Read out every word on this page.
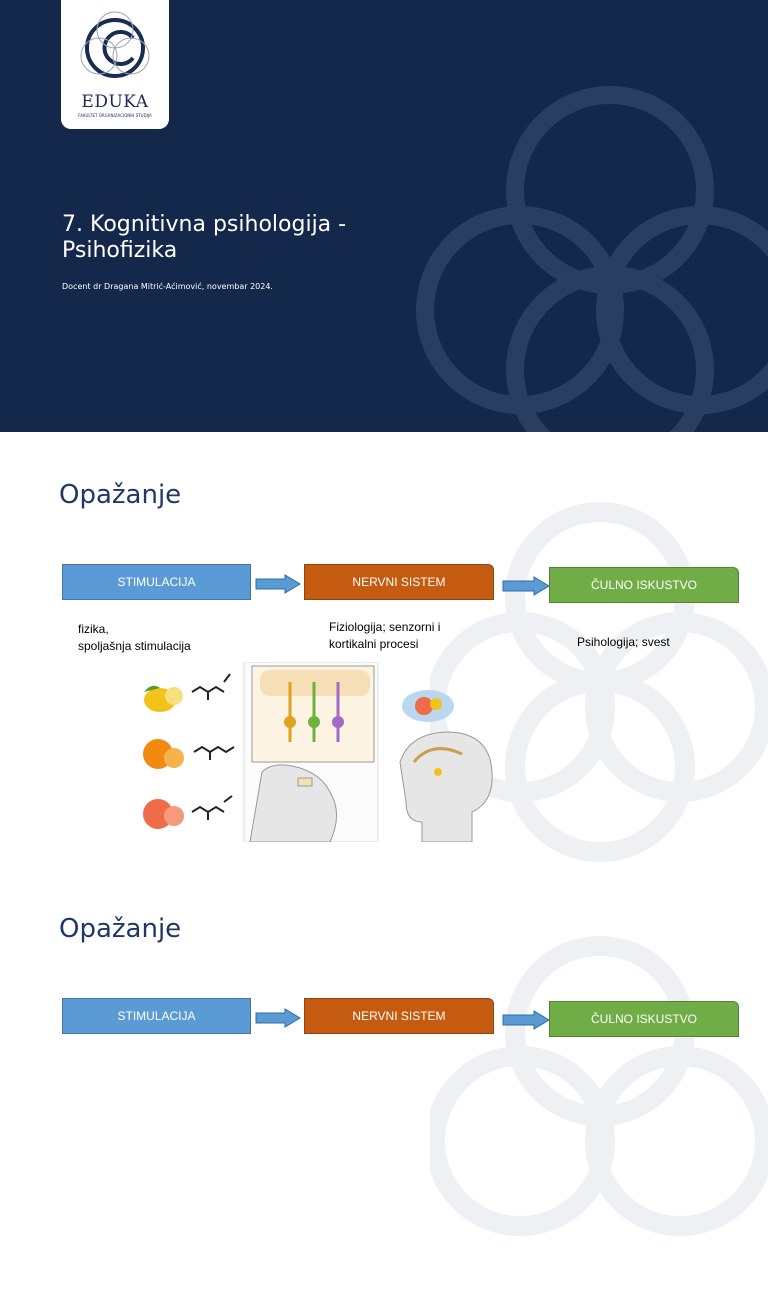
EDUKA
FAKULTET ORGANIZACIONIH STUDIJA
7. Kognitivna psihologija - Psihofizika
Docent dr Dragana Mitrić-Aćimović, novembar 2024.
Opažanje
STIMULACIJA	NERVNI SISTEM	ČULNO ISKUSTVO
fizika,
spoljašnja stimulacija
Fiziologija; senzorni i
kortikalni procesi	Psihologija; svest
Opažanje
STIMULACIJA	NERVNI SISTEM	ČULNO ISKUSTVO
